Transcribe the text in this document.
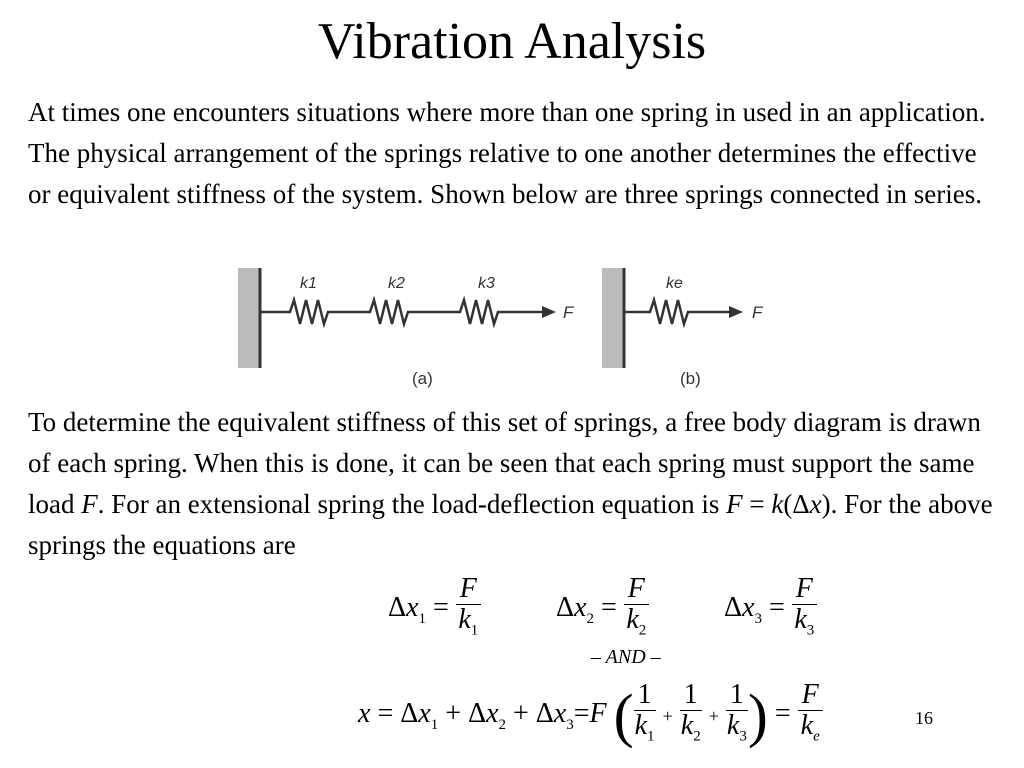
Vibration Analysis

At times one encounters situations where more than one spring in used in an application. The physical arrangement of the springs relative to one another determines the effective or equivalent stiffness of the system. Shown below are three springs connected in series.

k1	k2	k3
F
(a)
ke
F
(b)

To determine the equivalent stiffness of this set of springs, a free body diagram is drawn of each spring. When this is done, it can be seen that each spring must support the same load F. For an extensional spring the load-deflection equation is F = k(Δx). For the above springs the equations are

$\Delta x_1 = \frac{F}{k_1}$	$\Delta x_2 = \frac{F}{k_2}$	$\Delta x_3 = \frac{F}{k_3}$
– AND –
$x = \Delta x_1 + \Delta x_2 + \Delta x_3=F$ ( $\frac{1}{k_1} + \frac{1}{k_2} + \frac{1}{k_3}$ ) = $\frac{F}{k_e}$	16
